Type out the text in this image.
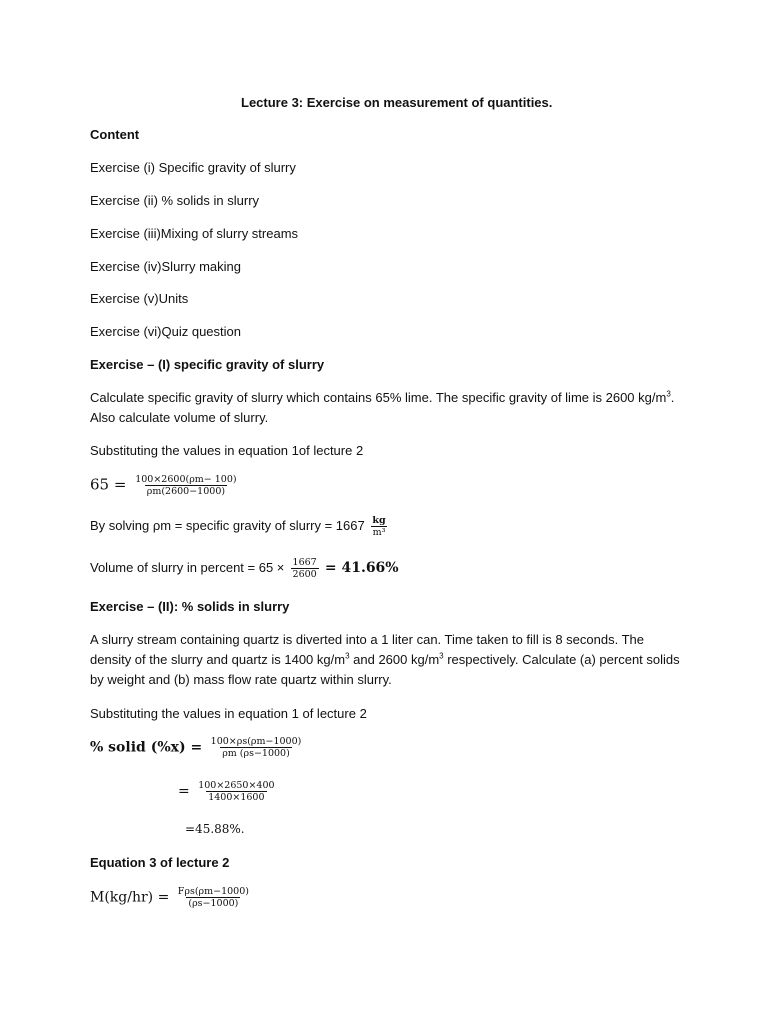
Lecture 3: Exercise on measurement of quantities.

Content

Exercise (i) Specific gravity of slurry

Exercise (ii) % solids in slurry

Exercise (iii)Mixing of slurry streams

Exercise (iv)Slurry making

Exercise (v)Units

Exercise (vi)Quiz question

Exercise – (I) specific gravity of slurry

Calculate specific gravity of slurry which contains 65% lime. The specific gravity of lime is 2600 $kg/m^3$.

Also calculate volume of slurry.

Substituting the values in equation 1of lecture 2

$65 = \frac{100\times 2600(\rho m- 100)}{\rho m(2600-1000)}$
By solving ρm = specific gravity of slurry = $1667 \frac{kg}{\text{m³}}$
Volume of slurry in percent = $65 \times \frac{1667}{2600} = 41.66\%$

Exercise – (II): % solids in slurry

A slurry stream containing quartz is diverted into a 1 liter can. Time taken to fill is 8 seconds. The

density of the slurry and quartz is 1400 $kg/m^3$ and 2600 $kg/m^3$ respectively. Calculate (a) percent solids

by weight and (b) mass flow rate quartz within slurry.

Substituting the values in equation 1 of lecture 2

% solid $(\%x) = \frac{100\times\rho s(\rho m-1000)}{\rho m (\rho s-1000)}$
= $\frac{100\times 2650\times 400}{1400\times 1600}$
=45.88%.

Equation 3 of lecture 2

$M(kg/hr) = \frac{\text{Fρs(ρm−1000)}}{(\rho s-1000)}$
